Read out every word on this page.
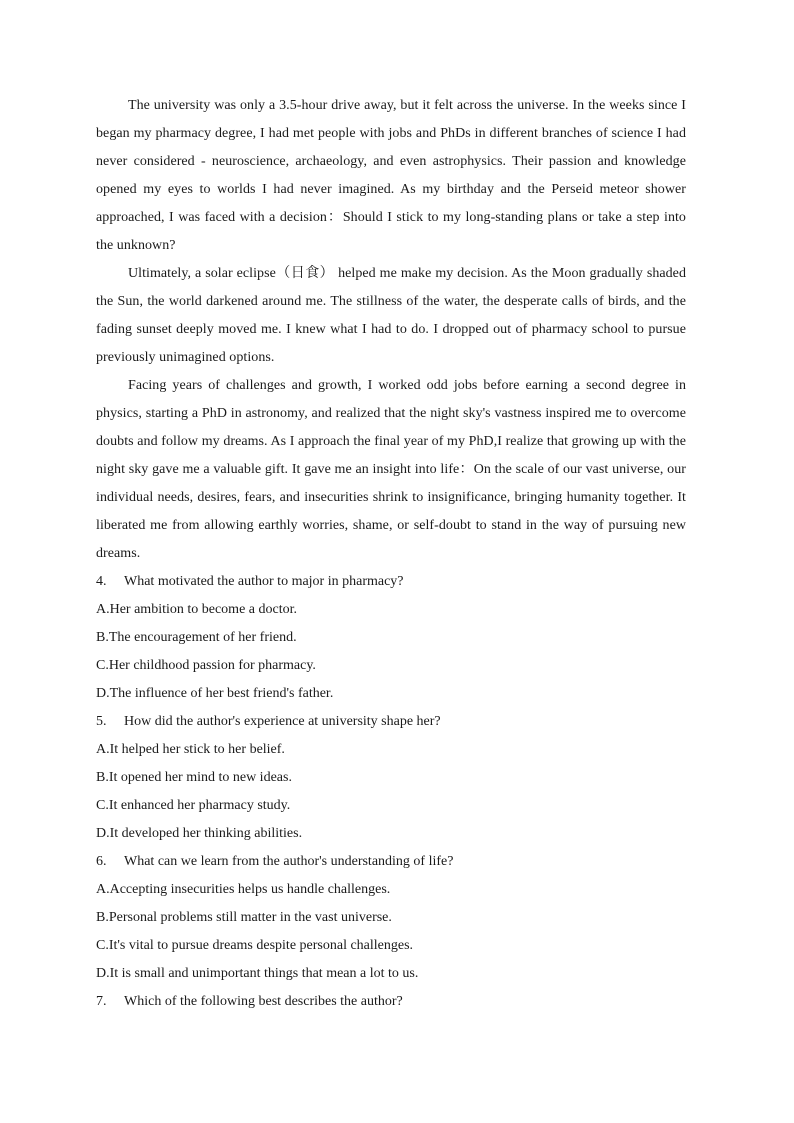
The university was only a 3.5-hour drive away, but it felt across the universe. In the weeks since I began my pharmacy degree, I had met people with jobs and PhDs in different branches of science I had never considered - neuroscience, archaeology, and even astrophysics. Their passion and knowledge opened my eyes to worlds I had never imagined. As my birthday and the Perseid meteor shower approached, I was faced with a decision：Should I stick to my long-standing plans or take a step into the unknown?

Ultimately, a solar eclipse（日食） helped me make my decision. As the Moon gradually shaded the Sun, the world darkened around me. The stillness of the water, the desperate calls of birds, and the fading sunset deeply moved me. I knew what I had to do. I dropped out of pharmacy school to pursue previously unimagined options.

Facing years of challenges and growth, I worked odd jobs before earning a second degree in physics, starting a PhD in astronomy, and realized that the night sky's vastness inspired me to overcome doubts and follow my dreams. As I approach the final year of my PhD,I realize that growing up with the night sky gave me a valuable gift. It gave me an insight into life：On the scale of our vast universe, our individual needs, desires, fears, and insecurities shrink to insignificance, bringing humanity together. It liberated me from allowing earthly worries, shame, or self-doubt to stand in the way of pursuing new dreams.

4. What motivated the author to major in pharmacy?

A.Her ambition to become a doctor.

B.The encouragement of her friend.

C.Her childhood passion for pharmacy.

D.The influence of her best friend's father.

5. How did the author's experience at university shape her?

A.It helped her stick to her belief.

B.It opened her mind to new ideas.

C.It enhanced her pharmacy study.

D.It developed her thinking abilities.

6. What can we learn from the author's understanding of life?

A.Accepting insecurities helps us handle challenges.

B.Personal problems still matter in the vast universe.

C.It's vital to pursue dreams despite personal challenges.

D.It is small and unimportant things that mean a lot to us.

7. Which of the following best describes the author?
